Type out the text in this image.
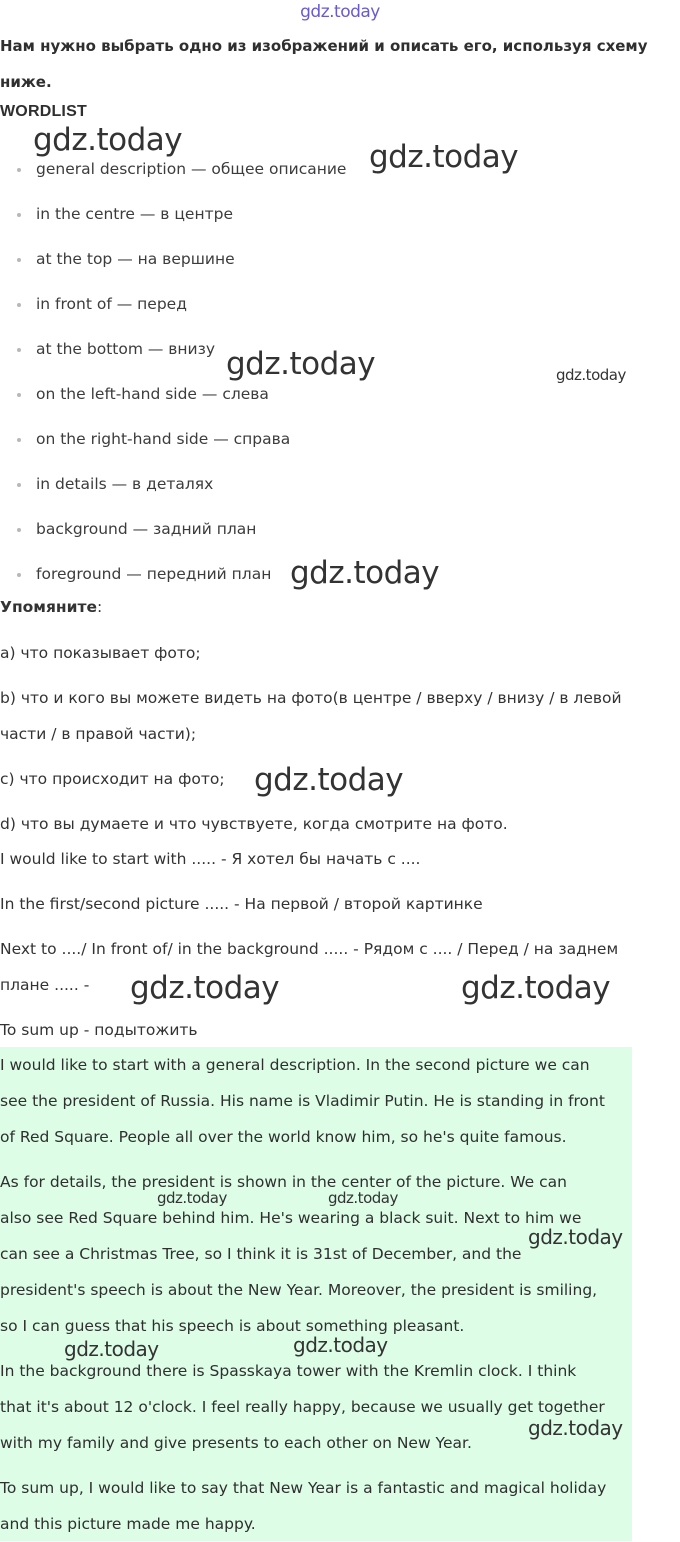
gdz.today
Нам нужно выбрать одно из изображений и описать его, используя схему
ниже.
WORDLIST
general description — общее описание
in the centre — в центре
at the top — на вершине
in front of — перед
at the bottom — внизу
on the left-hand side — слева
on the right-hand side — справа
in details — в деталях
background — задний план
foreground — передний план
Упомяните:
a) что показывает фото;
b) что и кого вы можете видеть на фото(в центре / вверху / внизу / в левой
части / в правой части);
c) что происходит на фото;
d) что вы думаете и что чувствуете, когда смотрите на фото.
I would like to start with ..... - Я хотел бы начать с ....
In the first/second picture ..... - На первой / второй картинке
Next to ..../ In front of/ in the background ..... - Рядом с .... / Перед / на заднем
плане ..... -
To sum up - подытожить
I would like to start with a general description. In the second picture we can
see the president of Russia. His name is Vladimir Putin. He is standing in front
of Red Square. People all over the world know him, so he's quite famous.
As for details, the president is shown in the center of the picture. We can
also see Red Square behind him. He's wearing a black suit. Next to him we
can see a Christmas Tree, so I think it is 31st of December, and the
president's speech is about the New Year. Moreover, the president is smiling,
so I can guess that his speech is about something pleasant.
In the background there is Spasskaya tower with the Kremlin clock. I think
that it's about 12 o'clock. I feel really happy, because we usually get together
with my family and give presents to each other on New Year.
To sum up, I would like to say that New Year is a fantastic and magical holiday
and this picture made me happy.
gdz.today	gdz.today
gdz.today	gdz.today
gdz.today
gdz.today
gdz.today	gdz.today
gdz.today	gdz.today
gdz.today
gdz.today	gdz.today
gdz.today
